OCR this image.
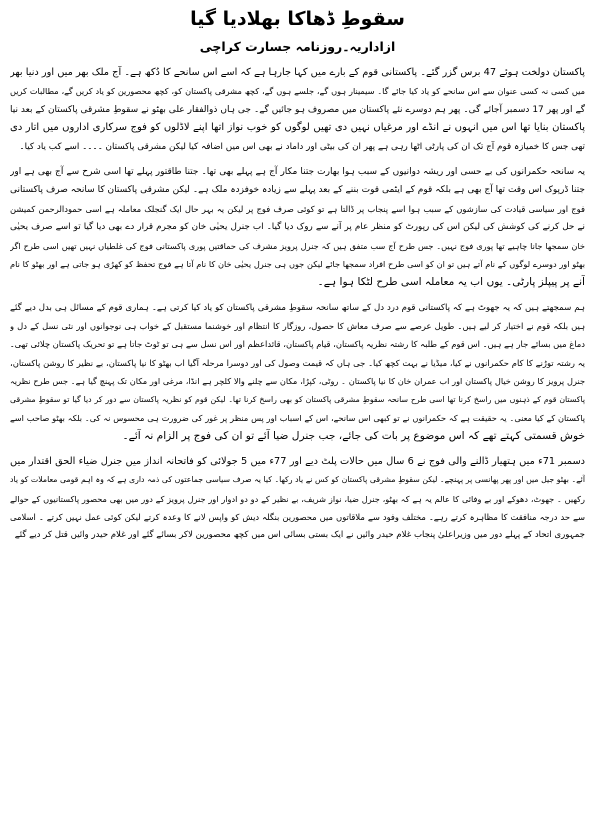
سقوطِ ڈھاکا بھلادیا گیا
ازاداریہ۔روزنامہ جسارت کراچی
پاکستان دولخت ہوئے 47 برس گزر گئے۔ پاکستانی قوم کے بارے میں کہا جارہا ہے کہ اسے اس سانحے کا دُکھ ہے۔ آج ملک بھر میں اور دنیا بھر
میں کسی نہ کسی عنوان سے اس سانحے کو یاد کیا جائے گا۔ سیمینار ہوں گے، جلسے ہوں گے، کچھ مشرقی پاکستان کو، کچھ محصورین کو یاد کریں گے، مطالبات کریں
گے اور پھر 17 دسمبر آجائے گی۔ پھر ہم دوسرے نئے پاکستان میں مصروف ہو جائیں گے۔ جی ہاں ذوالفقار علی بھٹو نے سقوطِ مشرقی پاکستان کے بعد نیا
پاکستان بنایا تھا اس میں انہوں نے انڈے اور مرغیاں نہیں دی تھیں لوگوں کو خوب نواز اتھا اپنے لاڈلوں کو فوج سرکاری اداروں میں اتار دی
تھی جس کا خمیازہ قوم آج تک ان کی پارٹی اٹھا رہی ہے پھر ان کی بیٹی اور داماد نے بھی اس میں اضافہ کیا لیکن مشرقی پاکستان ۔۔۔۔ اسے کب یاد کیا۔
یہ سانحہ حکمرانوں کی بے حسی اور ریشہ دوانیوں کے سبب ہوا بھارت جتنا مکار آج ہے پہلے بھی تھا۔ جتنا طاقتور پہلے تھا اسی شرح سے آج بھی ہے اور
جتنا ڈرپوک اس وقت تھا آج بھی ہے بلکہ قوم کے ایٹمی قوت بننے کے بعد پہلے سے زیادہ خوفزدہ ملک ہے۔ لیکن مشرقی پاکستان کا سانحہ صرف پاکستانی
فوج اور سیاسی قیادت کی سازشوں کے سبب ہوا اسے پنجاب پر ڈالتا ہے تو کوئی صرف فوج پر لیکن یہ بہر حال ایک گنجلک معاملہ ہے اسی حمودالرحمن کمیشن
نے حل کرنے کی کوشش کی لیکن اس کی رپورٹ کو منظر عام پر آنے سے روک دیا گیا۔ اب جنرل یحیٰی خان کو مجرم قرار دے بھی دیا گیا تو اسے صرف یحیٰی
خان سمجھا جانا چاہیے تھا پوری فوج نہیں۔ جس طرح آج سب متفق ہیں کہ جنرل پرویز مشرف کی حماقتیں پوری پاکستانی فوج کی غلطیاں نہیں تھیں اسی طرح اگر
بھٹو اور دوسرے لوگوں کے نام آتے ہیں تو ان کو اسی طرح افراد سمجھا جائے لیکن جوں ہی جنرل یحیٰی خان کا نام آتا ہے فوج تحفظ کو کھڑی ہو جاتی ہے اور بھٹو کا نام
آنے پر پیپلز پارٹی۔ یوں اب یہ معاملہ اسی طرح لٹکا ہوا ہے۔
ہم سمجھتے ہیں کہ یہ جھوٹ ہے کہ پاکستانی قوم درد دل کے ساتھ سانحہ سقوطِ مشرقی پاکستان کو یاد کیا کرتی ہے۔ ہماری قوم کے مسائل ہی بدل دیے گئے
ہیں بلکہ قوم نے اختیار کر لیے ہیں۔ طویل عرصے سے صرف معاش کا حصول، روزگار کا انتظام اور خوشنما مستقبل کے خواب ہی نوجوانوں اور نئی نسل کے دل و
دماغ میں بسائے جار ہے ہیں۔ اس قوم کے طلبہ کا رشتہ نظریہ پاکستان، قیام پاکستان، قائداعظم اور اس نسل سے ہی تو ٹوٹ جاتا ہے تو تحریک پاکستان چلائی تھی۔
یہ رشتہ توڑنے کا کام حکمرانوں نے کیا، میڈیا نے بہت کچھ کیا۔ جی ہاں کہ قیمت وصول کی اور دوسرا مرحلہ آگیا اب بھٹو کا نیا پاکستان، بے نظیر کا روشن پاکستان،
جنرل پرویز کا روشن خیال پاکستان اور اب عمران خان کا نیا پاکستان ۔ روٹی، کپڑا، مکان سے چلنے والا کلچر ہے انڈا، مرغی اور مکان تک پہنچ گیا ہے۔ جس طرح نظریہ
پاکستان قوم کے ذہنوں میں راسخ کرنا تھا اسی طرح سانحہ سقوطِ مشرقی پاکستان کو بھی راسخ کرنا تھا۔ لیکن قوم کو نظریہ پاکستان سے دور کر دیا گیا تو سقوطِ مشرقی
پاکستان کے کیا معنی۔ یہ حقیقت ہے کہ حکمرانوں نے تو کبھی اس سانحے، اس کے اسباب اور پس منظر پر غور کی ضرورت ہی محسوس نہ کی۔ بلکہ بھٹو صاحب اسے
خوش قسمتی کہتے تھے کہ اس موضوع پر بات کی جائے، جب جنرل ضیا آئے تو ان کی فوج پر الزام نہ آئے۔
دسمبر 71ء میں ہتھیار ڈالنے والی فوج نے 6 سال میں حالات پلٹ دیے اور 77ء میں 5 جولائی کو فاتحانہ انداز میں جنرل ضیاء الحق اقتدار میں
آئے۔ بھٹو جیل میں اور پھر پھانسی پر پہنچے۔ لیکن سقوطِ مشرقی پاکستان کو کس نے یاد رکھا۔ کیا یہ صرف سیاسی جماعتوں کی ذمہ داری ہے کہ وہ اہم قومی معاملات کو یاد
رکھیں ۔ جھوٹ، دھوکے اور بے وفائی کا عالم یہ ہے کہ بھٹو، جنرل ضیا، نواز شریف، بے نظیر کے دو دو ادوار اور جنرل پرویز کے دور میں بھی محصور پاکستانیوں کے حوالے
سے حد درجہ منافقت کا مظاہرہ کرتے رہے۔ مختلف وفود سے ملاقاتوں میں محصورین بنگلہ دیش کو واپس لانے کا وعدہ کرتے لیکن کوئی عمل نہیں کرتے ۔ اسلامی
جمہوری اتحاد کے پہلے دور میں وزیراعلیٰ پنجاب غلام حیدر وائیں نے ایک بستی بسائی اس میں کچھ محصورین لاکر بسائے گئے اور غلام حیدر وائیں قتل کر دیے گئے
